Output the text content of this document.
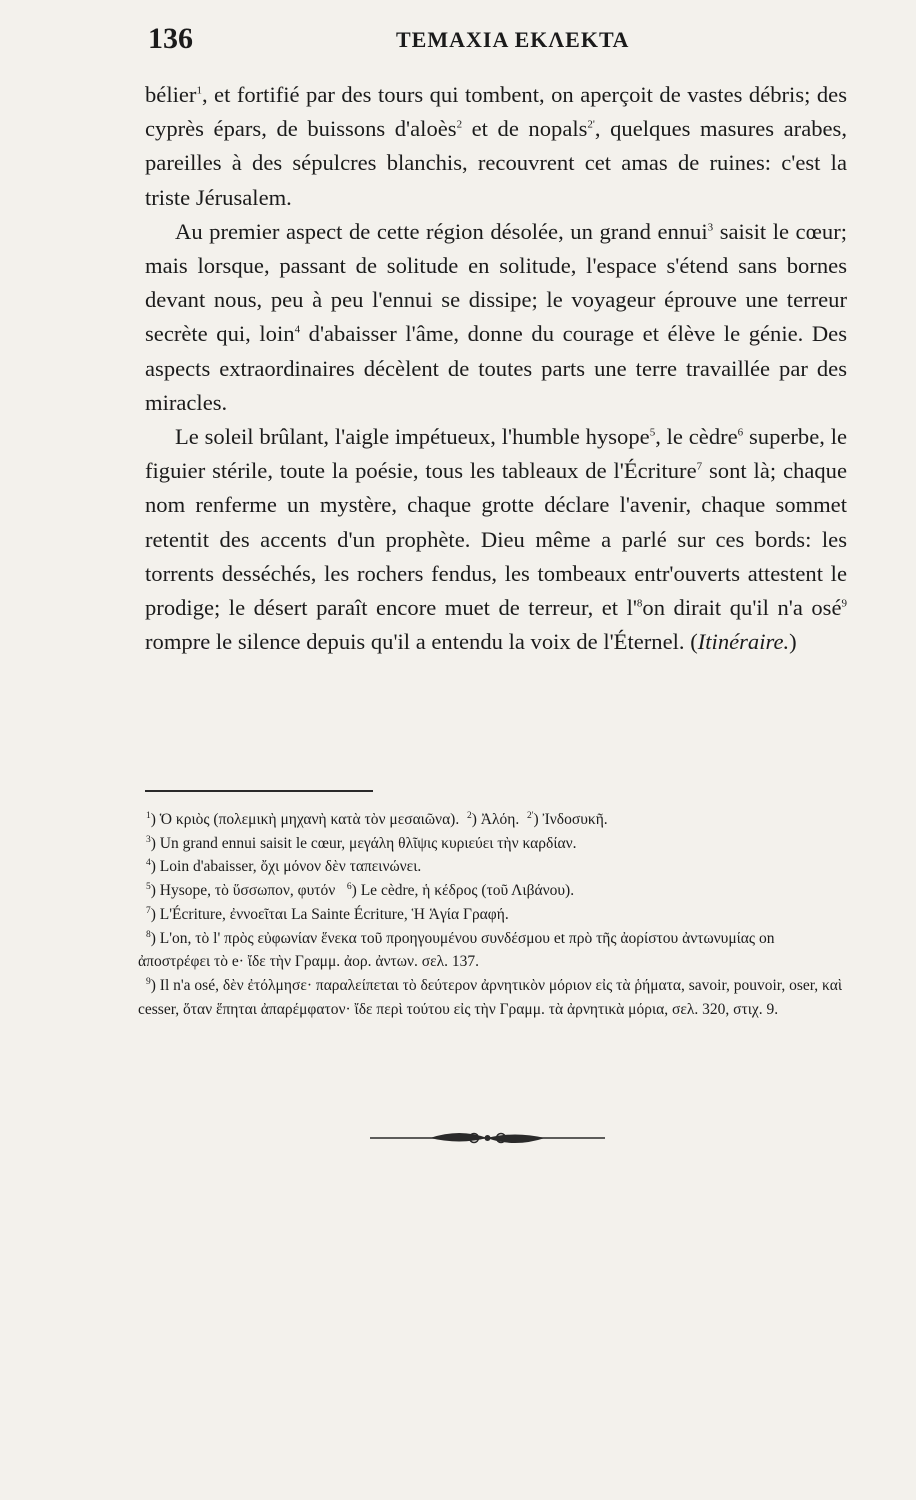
136	ΤΕΜΑΧΙΑ ΕΚΛΕΚΤΑ

bélier$^1$, et fortifié par des tours qui tombent, on aperçoit de vastes débris; des cyprès épars, de buissons d'aloès$^2$ et de nopals$^{2'}$, quelques masures arabes, pareilles à des sépulcres blanchis, recouvrent cet amas de ruines: c'est la triste Jérusalem.

Au premier aspect de cette région désolée, un grand ennui$^3$ saisit le cœur; mais lorsque, passant de solitude en solitude, l'espace s'étend sans bornes devant nous, peu à peu l'ennui se dissipe; le voyageur éprouve une terreur secrète qui, loin$^4$ d'abaisser l'âme, donne du courage et élève le génie. Des aspects extraordinaires décèlent de toutes parts une terre travaillée par des miracles.

Le soleil brûlant, l'aigle impétueux, l'humble hysope$^5$, le cèdre$^6$ superbe, le figuier stérile, toute la poésie, tous les tableaux de l'Écriture$^7$ sont là; chaque nom renferme un mystère, chaque grotte déclare l'avenir, chaque sommet retentit des accents d'un prophète. Dieu même a parlé sur ces bords: les torrents desséchés, les rochers fendus, les tombeaux entr'ouverts attestent le prodige; le désert paraît encore muet de terreur, et $l'^8on$ dirait qu'il n'a osé$^9$ rompre le silence depuis qu'il a entendu la voix de l'Éternel. (Itinéraire.)

$^1$) Ὁ κριὸς (πολεμικὴ μηχανὴ κατὰ τὸν μεσαιῶνα). $^2$) Ἀλόη. $^{2'}$) Ἰνδοσυκῆ.

$^3$) Un grand ennui saisit le cœur, μεγάλη θλῖψις κυριεύει τὴν καρδίαν.

$^4$) Loin d'abaisser, ὄχι μόνον δὲν ταπεινώνει.

$^5$) Hysope, τὸ ὕσσωπον, φυτόν $^6$) Le cèdre, ἡ κέδρος (τοῦ Λιβάνου).

$^7$) L'Écriture, ἐννοεῖται La Sainte Écriture, Ἡ Ἁγία Γραφή.

$^8$) L'on, τὸ l' πρὸς εὐφωνίαν ἕνεκα τοῦ προηγουμένου συνδέσμου et πρὸ τῆς ἀορίστου ἀντωνυμίας on ἀποστρέφει τὸ e· ἴδε τὴν Γραμμ. ἀορ. ἀντων. σελ. 137.

$^9$) Il n'a osé, δὲν ἐτόλμησε· παραλείπεται τὸ δεύτερον ἀρνητικὸν μόριον εἰς τὰ ῥήματα, savoir, pouvoir, oser, καὶ cesser, ὅταν ἕπηται ἀπαρέμφατον· ἴδε περὶ τούτου εἰς τὴν Γραμμ. τὰ ἀρνητικὰ μόρια, σελ. 320, στιχ. 9.
